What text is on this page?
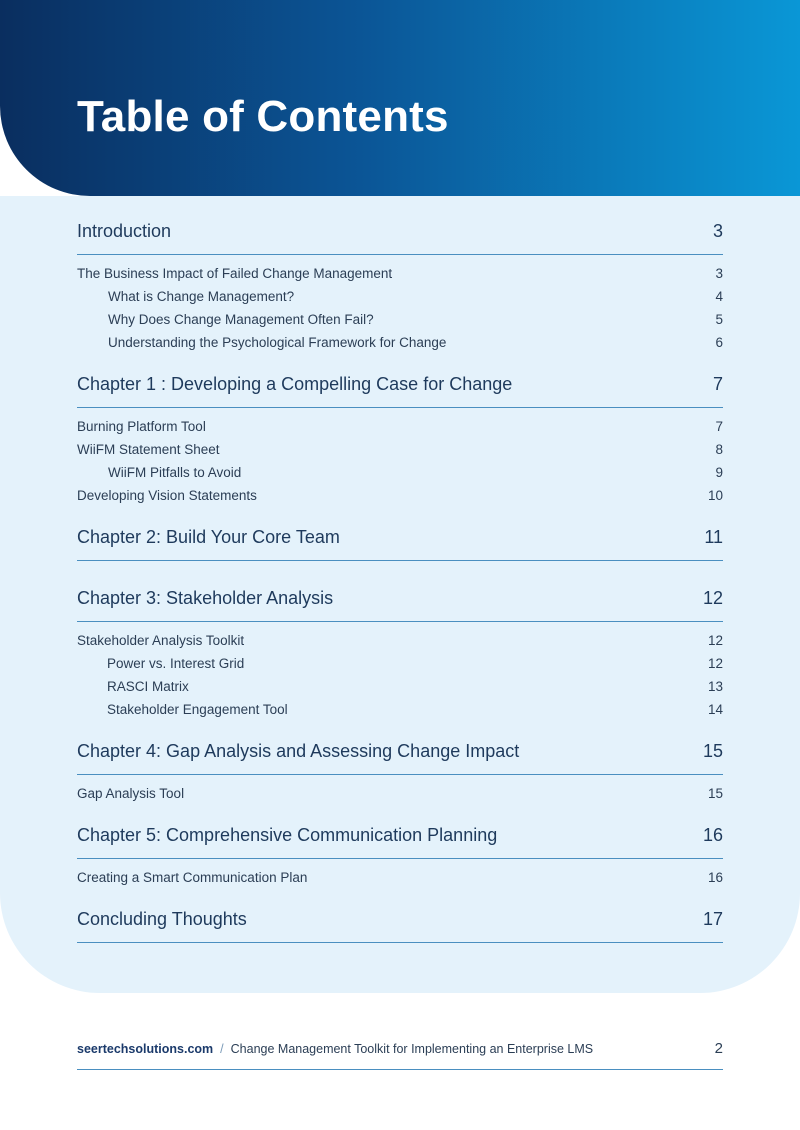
Table of Contents
Introduction	3
The Business Impact of Failed Change Management	3
What is Change Management?	4
Why Does Change Management Often Fail?	5
Understanding the Psychological Framework for Change	6
Chapter 1 : Developing a Compelling Case for Change	7
Burning Platform Tool	7
WiiFM Statement Sheet	8
WiiFM Pitfalls to Avoid	9
Developing Vision Statements	10
Chapter 2: Build Your Core Team	11
Chapter 3: Stakeholder Analysis	12
Stakeholder Analysis Toolkit	12
Power vs. Interest Grid	12
RASCI Matrix	13
Stakeholder Engagement Tool	14
Chapter 4: Gap Analysis and Assessing Change Impact	15
Gap Analysis Tool	15
Chapter 5: Comprehensive Communication Planning	16
Creating a Smart Communication Plan	16
Concluding Thoughts	17
seertechsolutions.com / Change Management Toolkit for Implementing an Enterprise LMS	2
